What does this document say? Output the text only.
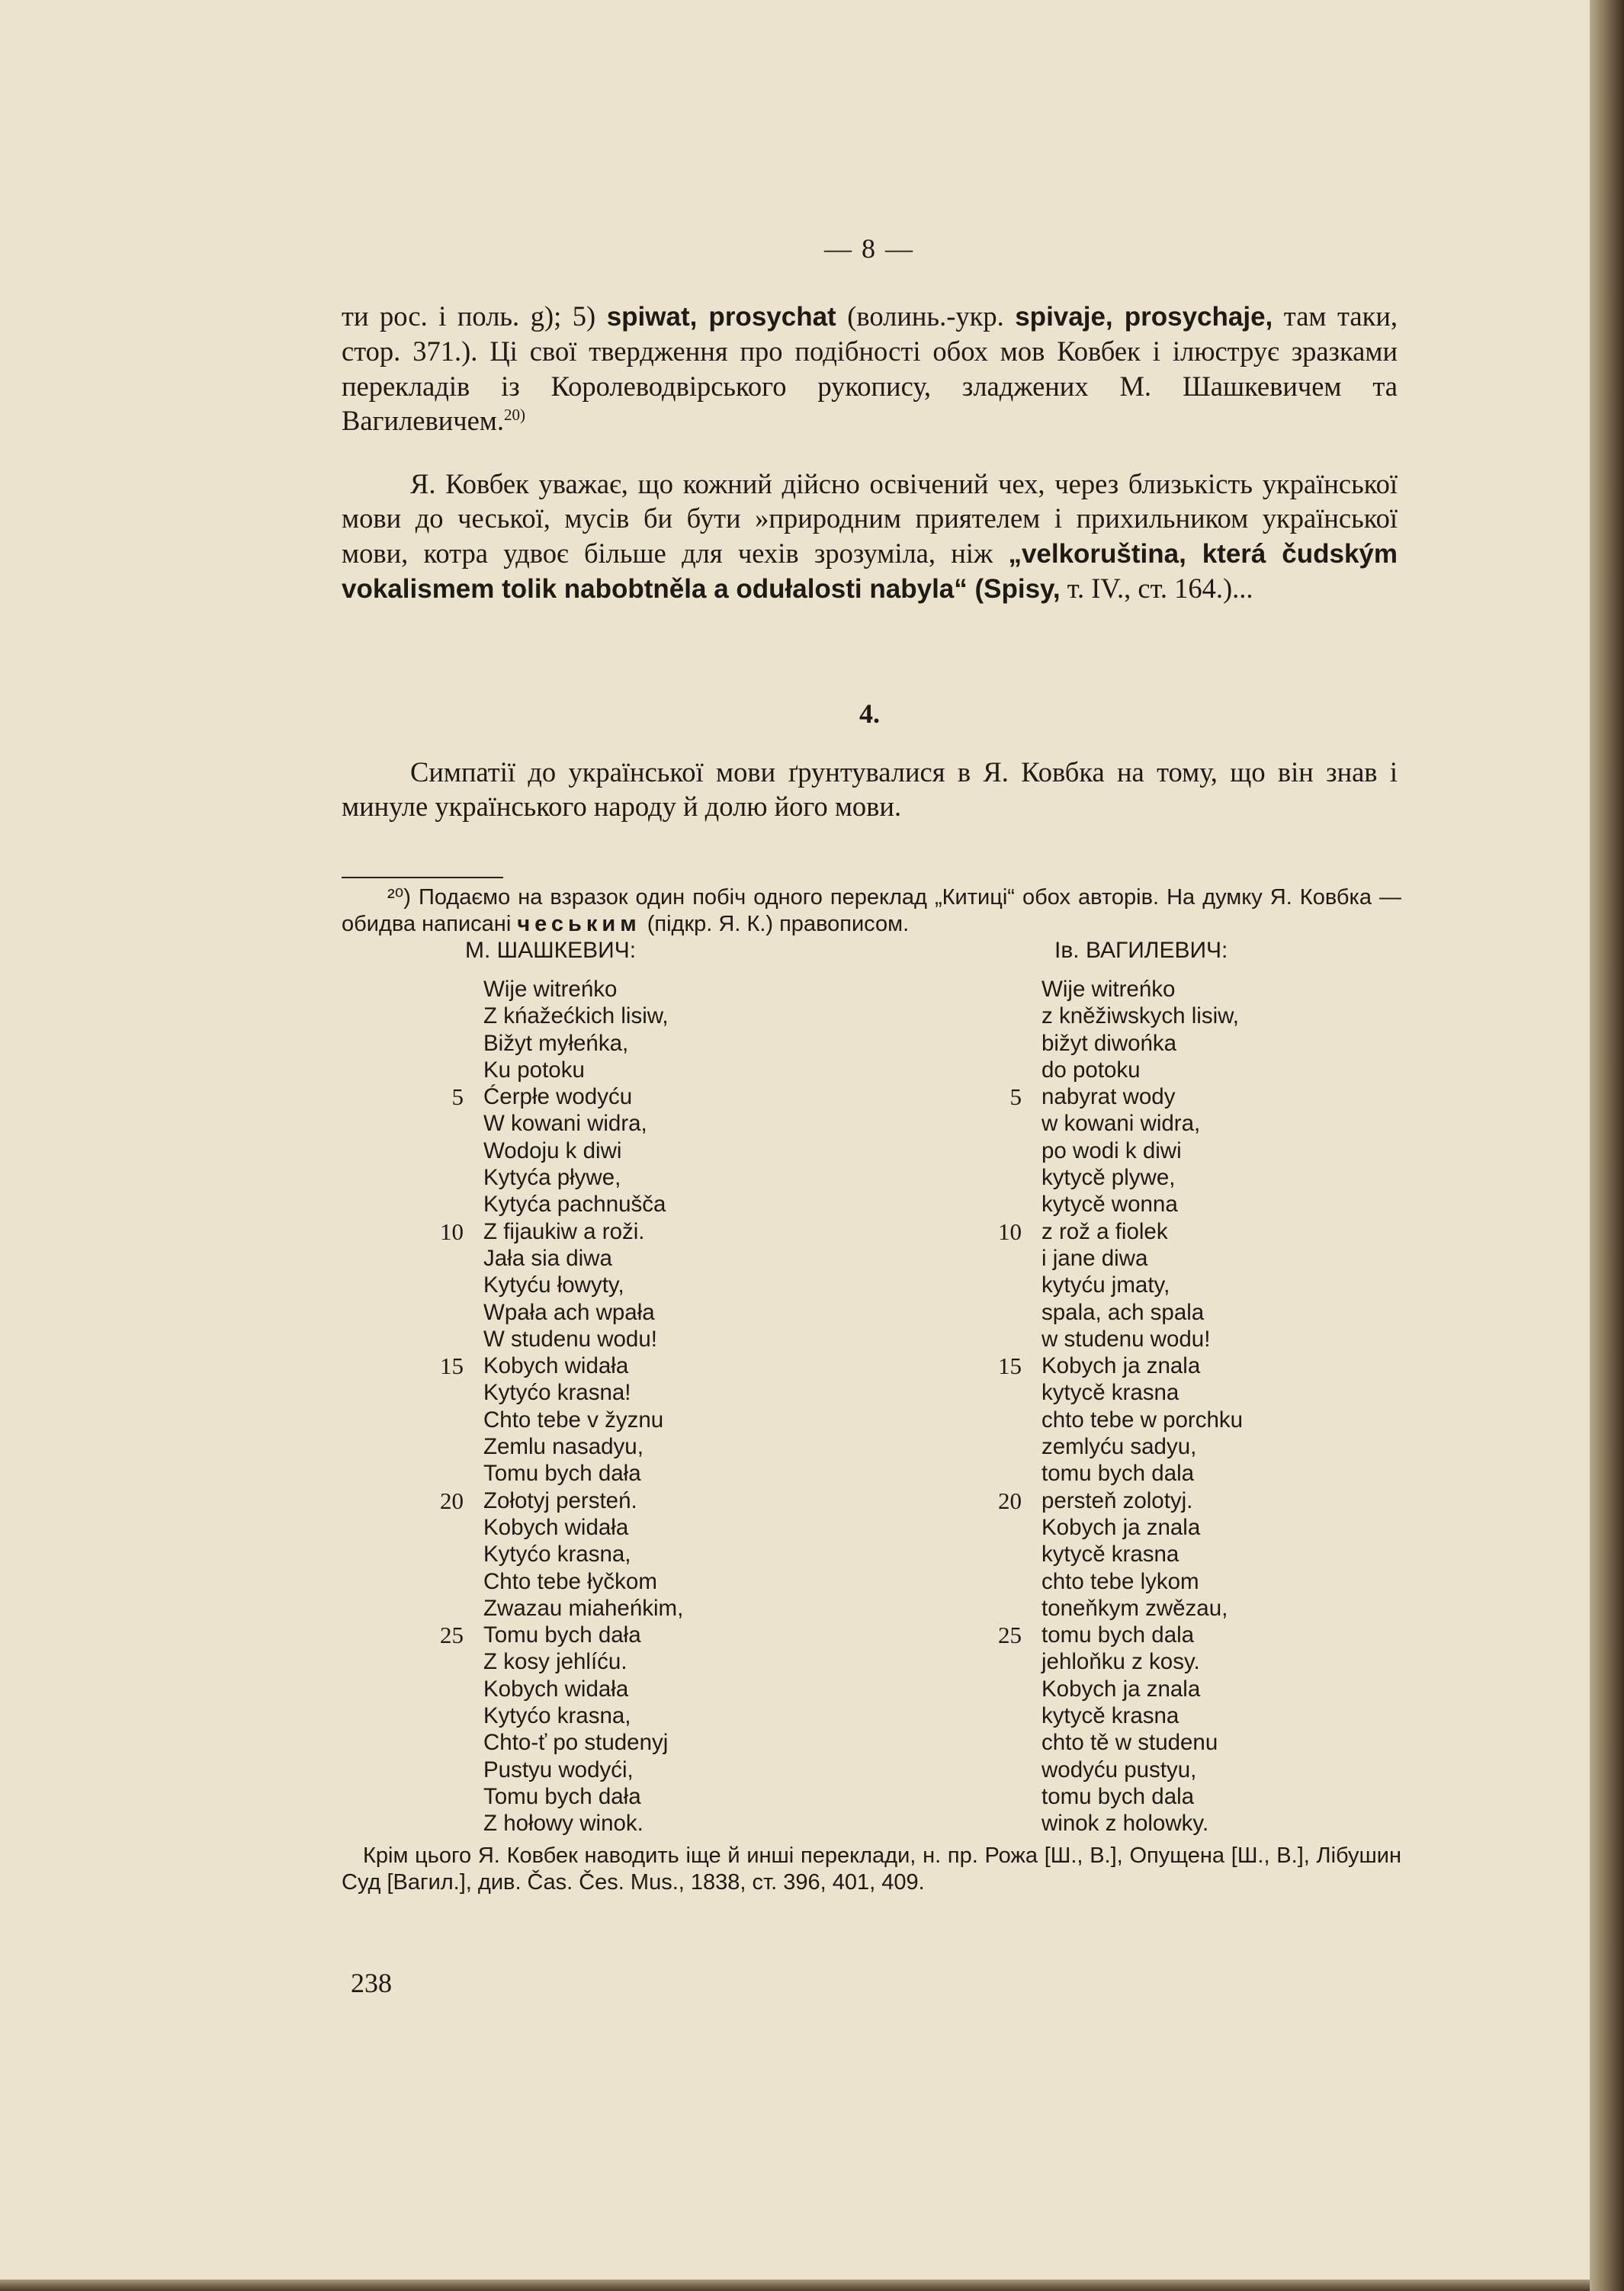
— 8 —

ти рос. і поль. g); 5) spiwat, prosychat (волинь.-укр. spivaje, prosychaje, там таки, стор. 371.). Ці свої твердження про подібності обох мов Ковбек і ілюструє зразками перекладів із Королеводвірського рукопису, зладжених М. Шашкевичем та Вагилевичем.$^{20)}$

Я. Ковбек уважає, що кожний дійсно освічений чех, через близькість української мови до чеської, мусів би бути »природним приятелем і прихильником української мови, котра удвоє більше для чехів зрозуміла, ніж „velkoruština, která čudským vokalismem tolik nabobtněla a odułalosti nabyla“ (Spisy, т. IV., ст. 164.)...

4.

Симпатії до української мови ґрунтувалися в Я. Ковбка на тому, що він знав і минуле українського народу й долю його мови.

²⁰) Подаємо на взразок один побіч одного переклад „Китиці“ обох авторів. На думку Я. Ковбка — обидва написані чеським (підкр. Я. К.) правописом.

М. ШАШКЕВИЧ:	Ів. ВАГИЛЕВИЧ:

Wije witreńko
Z kńažećkich lisiw,
Bižyt myłeńka,
Ku potoku
5 Ćerpłe wodyću
W kowani widra,
Wodoju k diwi
Kytyća pływe,
Kytyća pachnušča
10 Z fijaukiw a roži.
Jała sia diwa
Kytyću łowyty,
Wpała ach wpała
W studenu wodu!
15 Kobych widała
Kytyćo krasna!
Chto tebe v žyznu
Zemlu nasadyu,
Tomu bych dała
20 Zołotyj persteń.
Kobych widała
Kytyćo krasna,
Chto tebe łyčkom
Zwazau miaheńkim,
25 Tomu bych dała
Z kosy jehlíću.
Kobych widała
Kytyćo krasna,
Chto-ť po studenyj
Pustyu wodyći,
Tomu bych dała
Z hołowy winok.
Wije witreńko
z kněžiwskych lisiw,
bižyt diwońka
do potoku
5 nabyrat wody
w kowani widra,
po wodi k diwi
kytycě plywe,
kytycě wonna
10 z rož a fiolek
i jane diwa
kytyću jmaty,
spala, ach spala
w studenu wodu!
15 Kobych ja znala
kytycě krasna
chto tebe w porchku
zemlyću sadyu,
tomu bych dala
20 persteň zolotyj.
Kobych ja znala
kytycě krasna
chto tebe lykom
toneňkym zwězau,
25 tomu bych dala
jehloňku z kosy.
Kobych ja znala
kytycě krasna
chto tě w studenu
wodyću pustyu,
tomu bych dala
winok z holowky.

Крім цього Я. Ковбек наводить іще й инші переклади, н. пр. Рожа [Ш., В.], Опущена [Ш., В.], Лібушин Суд [Вагил.], див. Čas. Čes. Mus., 1838, ст. 396, 401, 409.

238
